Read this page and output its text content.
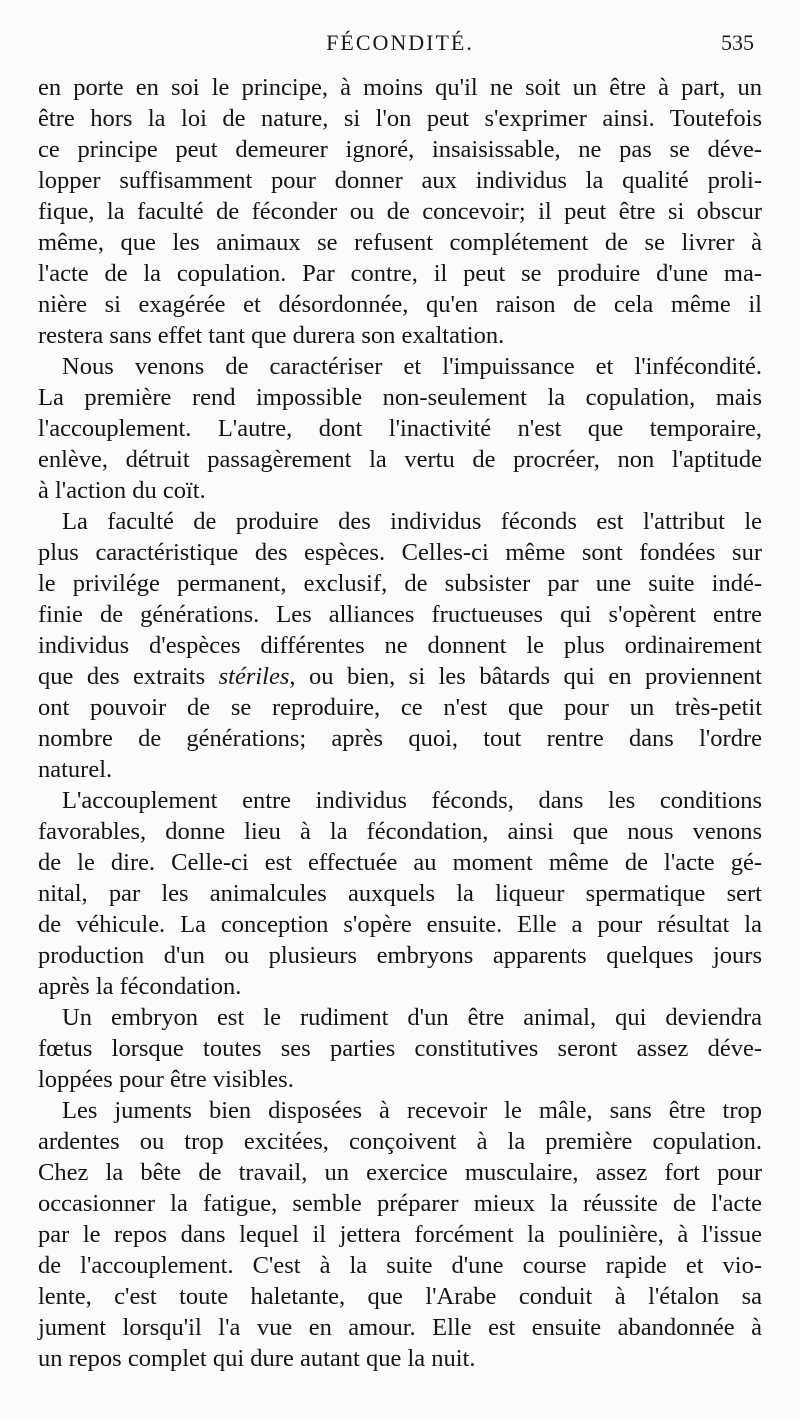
FÉCONDITÉ.	535
en porte en soi le principe, à moins qu'il ne soit un être à part, un
être hors la loi de nature, si l'on peut s'exprimer ainsi. Toutefois
ce principe peut demeurer ignoré, insaisissable, ne pas se déve-
lopper suffisamment pour donner aux individus la qualité proli-
fique, la faculté de féconder ou de concevoir; il peut être si obscur
même, que les animaux se refusent complétement de se livrer à
l'acte de la copulation. Par contre, il peut se produire d'une ma-
nière si exagérée et désordonnée, qu'en raison de cela même il
restera sans effet tant que durera son exaltation.
Nous venons de caractériser et l'impuissance et l'infécondité.
La première rend impossible non-seulement la copulation, mais
l'accouplement. L'autre, dont l'inactivité n'est que temporaire,
enlève, détruit passagèrement la vertu de procréer, non l'aptitude
à l'action du coït.
La faculté de produire des individus féconds est l'attribut le
plus caractéristique des espèces. Celles-ci même sont fondées sur
le privilége permanent, exclusif, de subsister par une suite indé-
finie de générations. Les alliances fructueuses qui s'opèrent entre
individus d'espèces différentes ne donnent le plus ordinairement
que des extraits stériles, ou bien, si les bâtards qui en proviennent
ont pouvoir de se reproduire, ce n'est que pour un très-petit
nombre de générations; après quoi, tout rentre dans l'ordre
naturel.
L'accouplement entre individus féconds, dans les conditions
favorables, donne lieu à la fécondation, ainsi que nous venons
de le dire. Celle-ci est effectuée au moment même de l'acte gé-
nital, par les animalcules auxquels la liqueur spermatique sert
de véhicule. La conception s'opère ensuite. Elle a pour résultat la
production d'un ou plusieurs embryons apparents quelques jours
après la fécondation.
Un embryon est le rudiment d'un être animal, qui deviendra
fœtus lorsque toutes ses parties constitutives seront assez déve-
loppées pour être visibles.
Les juments bien disposées à recevoir le mâle, sans être trop
ardentes ou trop excitées, conçoivent à la première copulation.
Chez la bête de travail, un exercice musculaire, assez fort pour
occasionner la fatigue, semble préparer mieux la réussite de l'acte
par le repos dans lequel il jettera forcément la poulinière, à l'issue
de l'accouplement. C'est à la suite d'une course rapide et vio-
lente, c'est toute haletante, que l'Arabe conduit à l'étalon sa
jument lorsqu'il l'a vue en amour. Elle est ensuite abandonnée à
un repos complet qui dure autant que la nuit.
